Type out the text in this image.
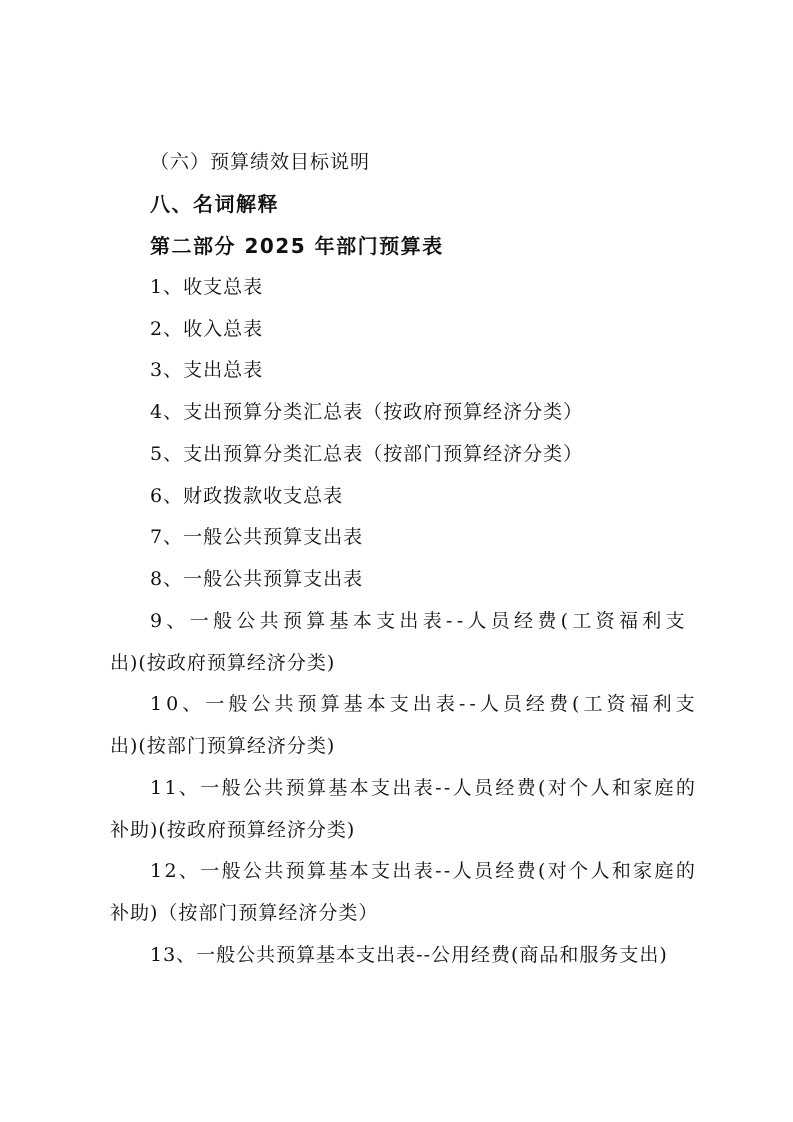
（六）预算绩效目标说明
八、名词解释
第二部分 2025 年部门预算表
1、收支总表
2、收入总表
3、支出总表
4、支出预算分类汇总表（按政府预算经济分类）
5、支出预算分类汇总表（按部门预算经济分类）
6、财政拨款收支总表
7、一般公共预算支出表
8、一般公共预算支出表
9、一般公共预算基本支出表--人员经费(工资福利支
出)(按政府预算经济分类)
10、一般公共预算基本支出表--人员经费(工资福利支
出)(按部门预算经济分类)
11、一般公共预算基本支出表--人员经费(对个人和家庭的
补助)(按政府预算经济分类)
12、一般公共预算基本支出表--人员经费(对个人和家庭的
补助)（按部门预算经济分类）
13、一般公共预算基本支出表--公用经费(商品和服务支出)
